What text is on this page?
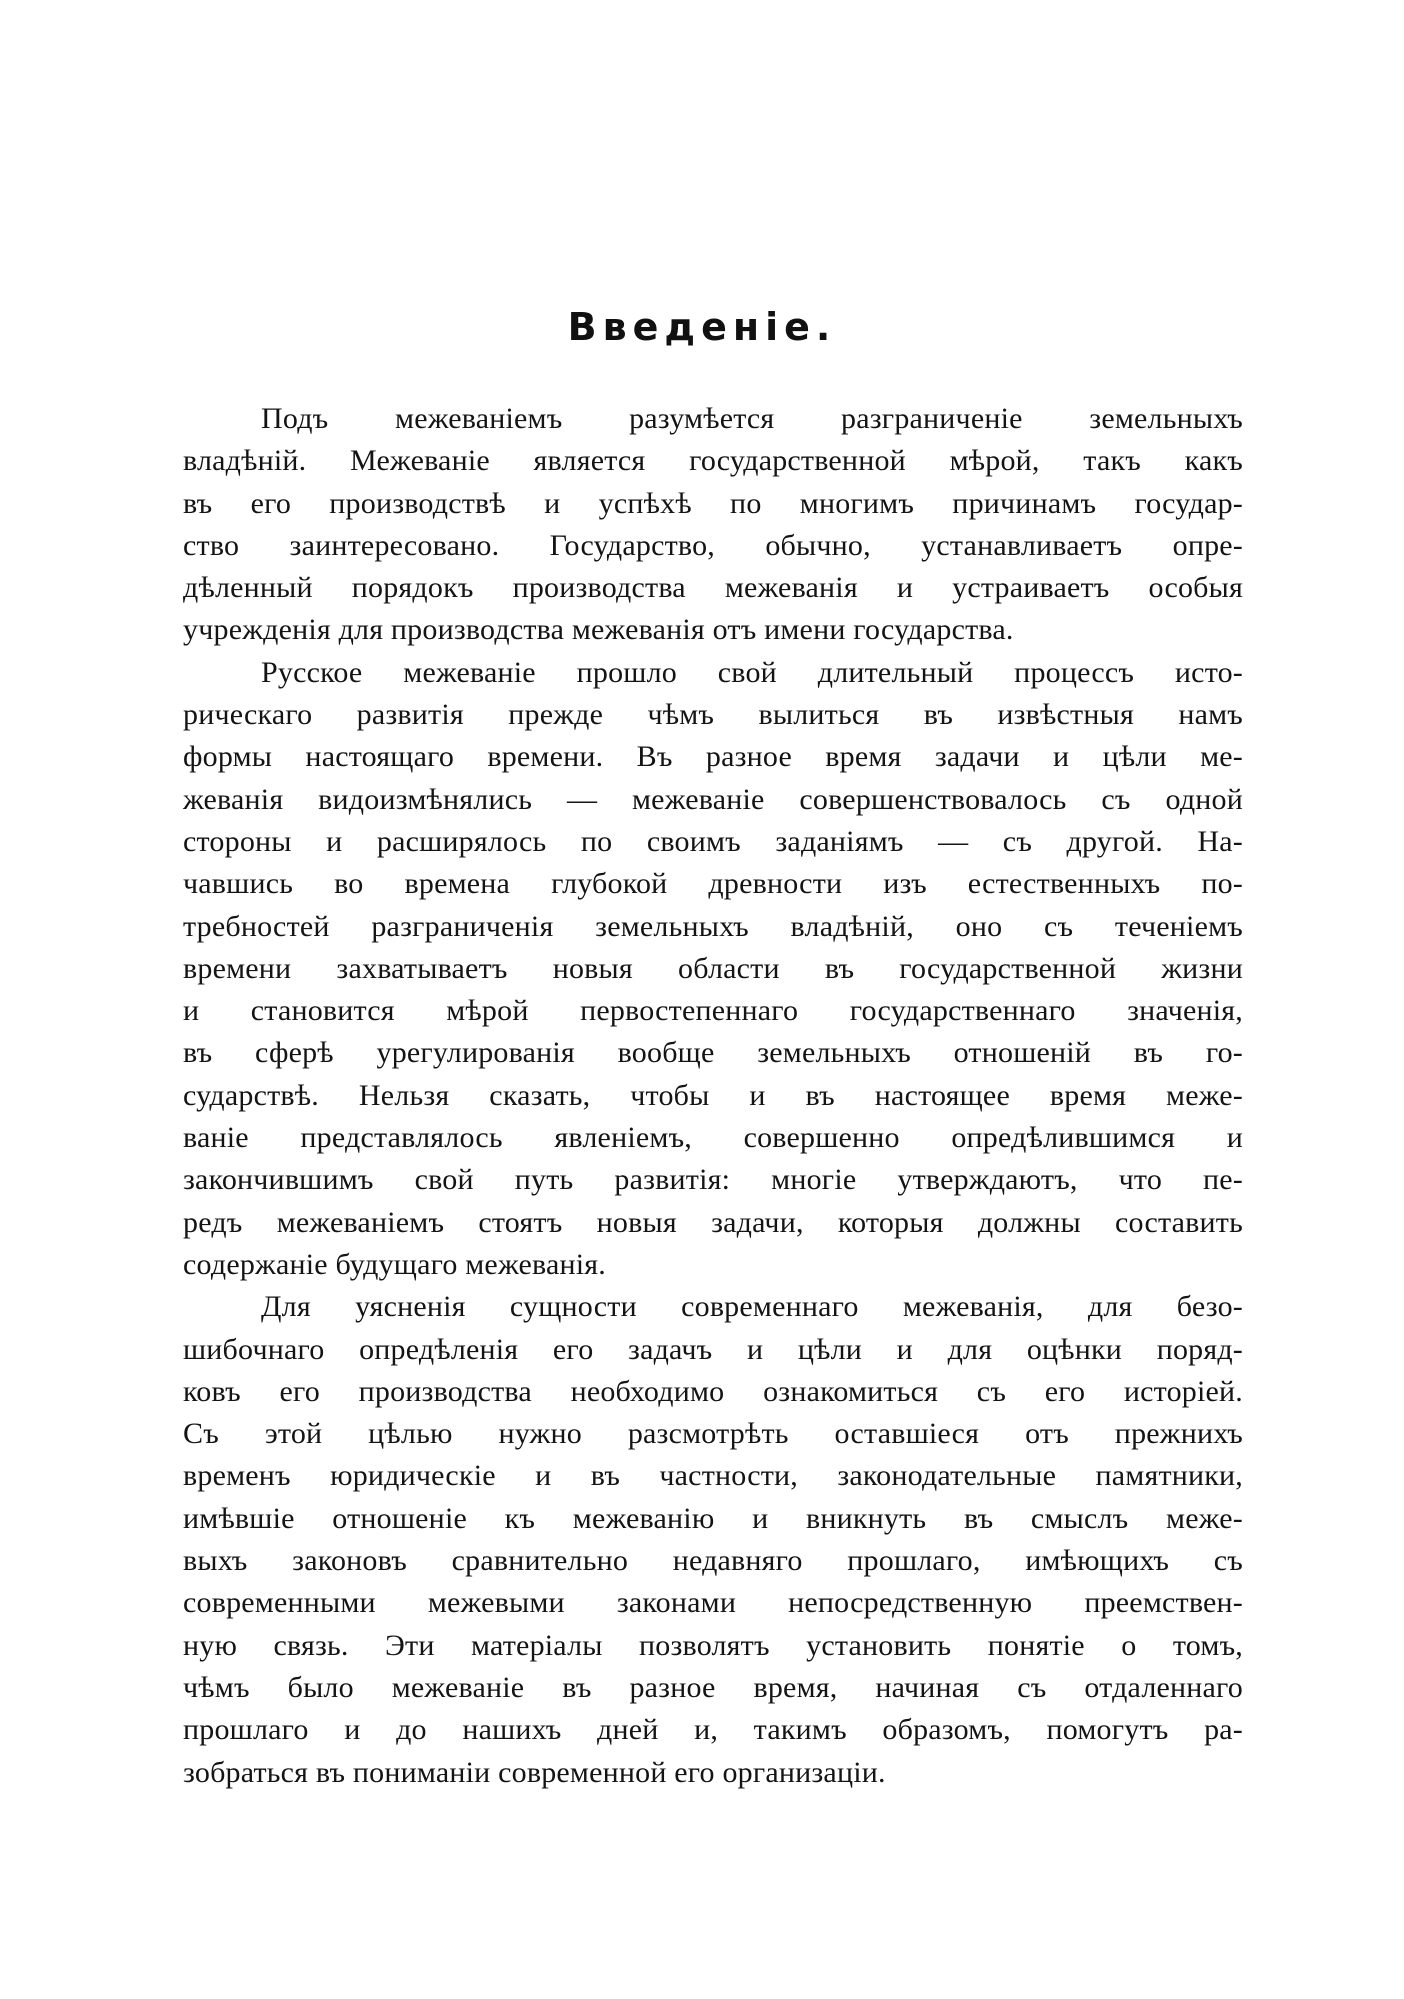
Введеніе.
Подъ межеваніемъ разумѣется разграниченіе земельныхъ
владѣній. Межеваніе является государственной мѣрой, такъ какъ
въ его производствѣ и успѣхѣ по многимъ причинамъ государ-
ство заинтересовано. Государство, обычно, устанавливаетъ опре-
дѣленный порядокъ производства межеванія и устраиваетъ особыя
учрежденія для производства межеванія отъ имени государства.
Русское межеваніе прошло свой длительный процессъ исто-
рическаго развитія прежде чѣмъ вылиться въ извѣстныя намъ
формы настоящаго времени. Въ разное время задачи и цѣли ме-
жеванія видоизмѣнялись — межеваніе совершенствовалось съ одной
стороны и расширялось по своимъ заданіямъ — съ другой. На-
чавшись во времена глубокой древности изъ естественныхъ по-
требностей разграниченія земельныхъ владѣній, оно съ теченіемъ
времени захватываетъ новыя области въ государственной жизни
и становится мѣрой первостепеннаго государственнаго значенія,
въ сферѣ урегулированія вообще земельныхъ отношеній въ го-
сударствѣ. Нельзя сказать, чтобы и въ настоящее время меже-
ваніе представлялось явленіемъ, совершенно опредѣлившимся и
закончившимъ свой путь развитія: многіе утверждаютъ, что пе-
редъ межеваніемъ стоятъ новыя задачи, которыя должны составить
содержаніе будущаго межеванія.
Для уясненія сущности современнаго межеванія, для безо-
шибочнаго опредѣленія его задачъ и цѣли и для оцѣнки поряд-
ковъ его производства необходимо ознакомиться съ его исторіей.
Съ этой цѣлью нужно разсмотрѣть оставшіеся отъ прежнихъ
временъ юридическіе и въ частности, законодательные памятники,
имѣвшіе отношеніе къ межеванію и вникнуть въ смыслъ меже-
выхъ законовъ сравнительно недавняго прошлаго, имѣющихъ съ
современными межевыми законами непосредственную преемствен-
ную связь. Эти матеріалы позволятъ установить понятіе о томъ,
чѣмъ было межеваніе въ разное время, начиная съ отдаленнаго
прошлаго и до нашихъ дней и, такимъ образомъ, помогутъ ра-
зобраться въ пониманіи современной его организаціи.
